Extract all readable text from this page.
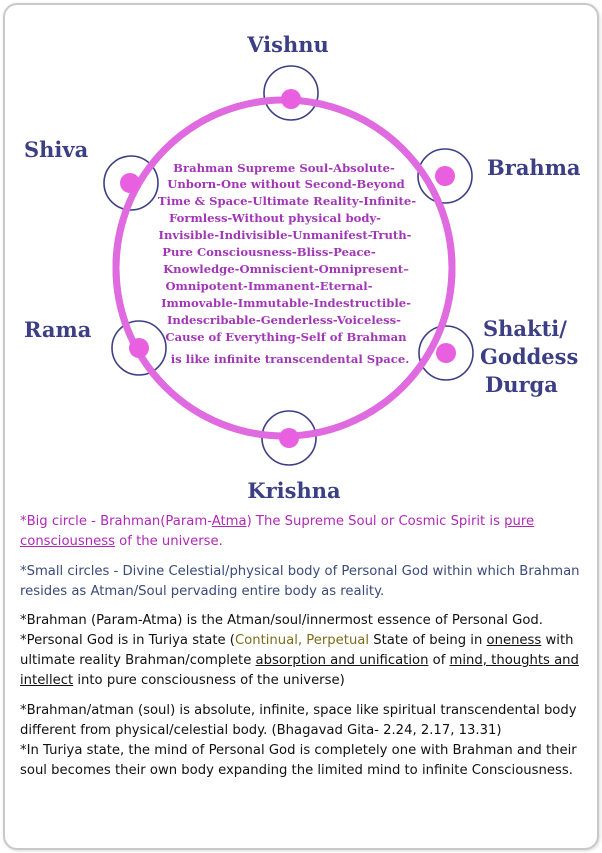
Vishnu
Shiva
Brahma
Rama	Shakti/
Goddess
Durga
Krishna
Brahman Supreme Soul-Absolute-
Unborn-One without Second-Beyond
Time & Space-Ultimate Reality-Infinite-
Formless-Without physical body-
Invisible-Indivisible-Unmanifest-Truth-
Pure Consciousness-Bliss-Peace-
Knowledge-Omniscient-Omnipresent–
Omnipotent-Immanent-Eternal-
Immovable-Immutable-Indestructible-
Indescribable-Genderless-Voiceless-
Cause of Everything-Self of Brahman
is like infinite transcendental Space.

*Big circle - Brahman(Param-Atma) The Supreme Soul or Cosmic Spirit is pure consciousness of the universe.

*Small circles - Divine Celestial/physical body of Personal God within which Brahman resides as Atman/Soul pervading entire body as reality.

*Brahman (Param-Atma) is the Atman/soul/innermost essence of Personal God.
*Personal God is in Turiya state (Continual, Perpetual State of being in oneness with ultimate reality Brahman/complete absorption and unification of mind, thoughts and intellect into pure consciousness of the universe)

*Brahman/atman (soul) is absolute, infinite, space like spiritual transcendental body different from physical/celestial body. (Bhagavad Gita- 2.24, 2.17, 13.31)
*In Turiya state, the mind of Personal God is completely one with Brahman and their soul becomes their own body expanding the limited mind to infinite Consciousness.
